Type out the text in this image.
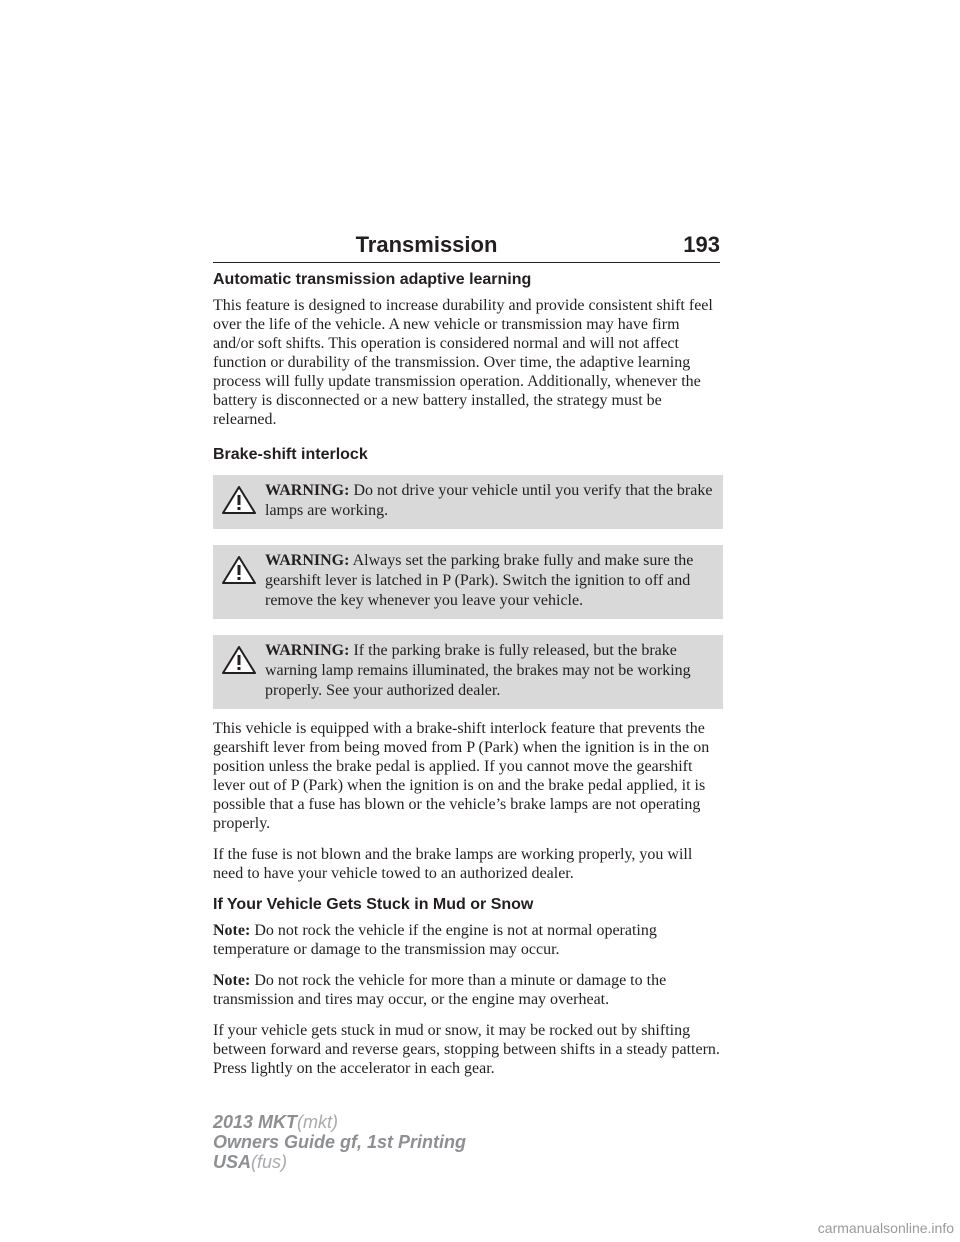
Transmission	193
Automatic transmission adaptive learning

This feature is designed to increase durability and provide consistent shift feel over the life of the vehicle. A new vehicle or transmission may have firm and/or soft shifts. This operation is considered normal and will not affect function or durability of the transmission. Over time, the adaptive learning process will fully update transmission operation. Additionally, whenever the battery is disconnected or a new battery installed, the strategy must be relearned.

Brake-shift interlock
WARNING: Do not drive your vehicle until you verify that the brake lamps are working.
WARNING: Always set the parking brake fully and make sure the gearshift lever is latched in P (Park). Switch the ignition to off and remove the key whenever you leave your vehicle.
WARNING: If the parking brake is fully released, but the brake warning lamp remains illuminated, the brakes may not be working properly. See your authorized dealer.

This vehicle is equipped with a brake-shift interlock feature that prevents the gearshift lever from being moved from P (Park) when the ignition is in the on position unless the brake pedal is applied. If you cannot move the gearshift lever out of P (Park) when the ignition is on and the brake pedal applied, it is possible that a fuse has blown or the vehicle’s brake lamps are not operating properly.

If the fuse is not blown and the brake lamps are working properly, you will need to have your vehicle towed to an authorized dealer.

If Your Vehicle Gets Stuck in Mud or Snow

Note: Do not rock the vehicle if the engine is not at normal operating temperature or damage to the transmission may occur.

Note: Do not rock the vehicle for more than a minute or damage to the transmission and tires may occur, or the engine may overheat.

If your vehicle gets stuck in mud or snow, it may be rocked out by shifting between forward and reverse gears, stopping between shifts in a steady pattern. Press lightly on the accelerator in each gear.

2013 MKT(mkt)
Owners Guide gf, 1st Printing
USA(fus)
carmanualsonline.info
